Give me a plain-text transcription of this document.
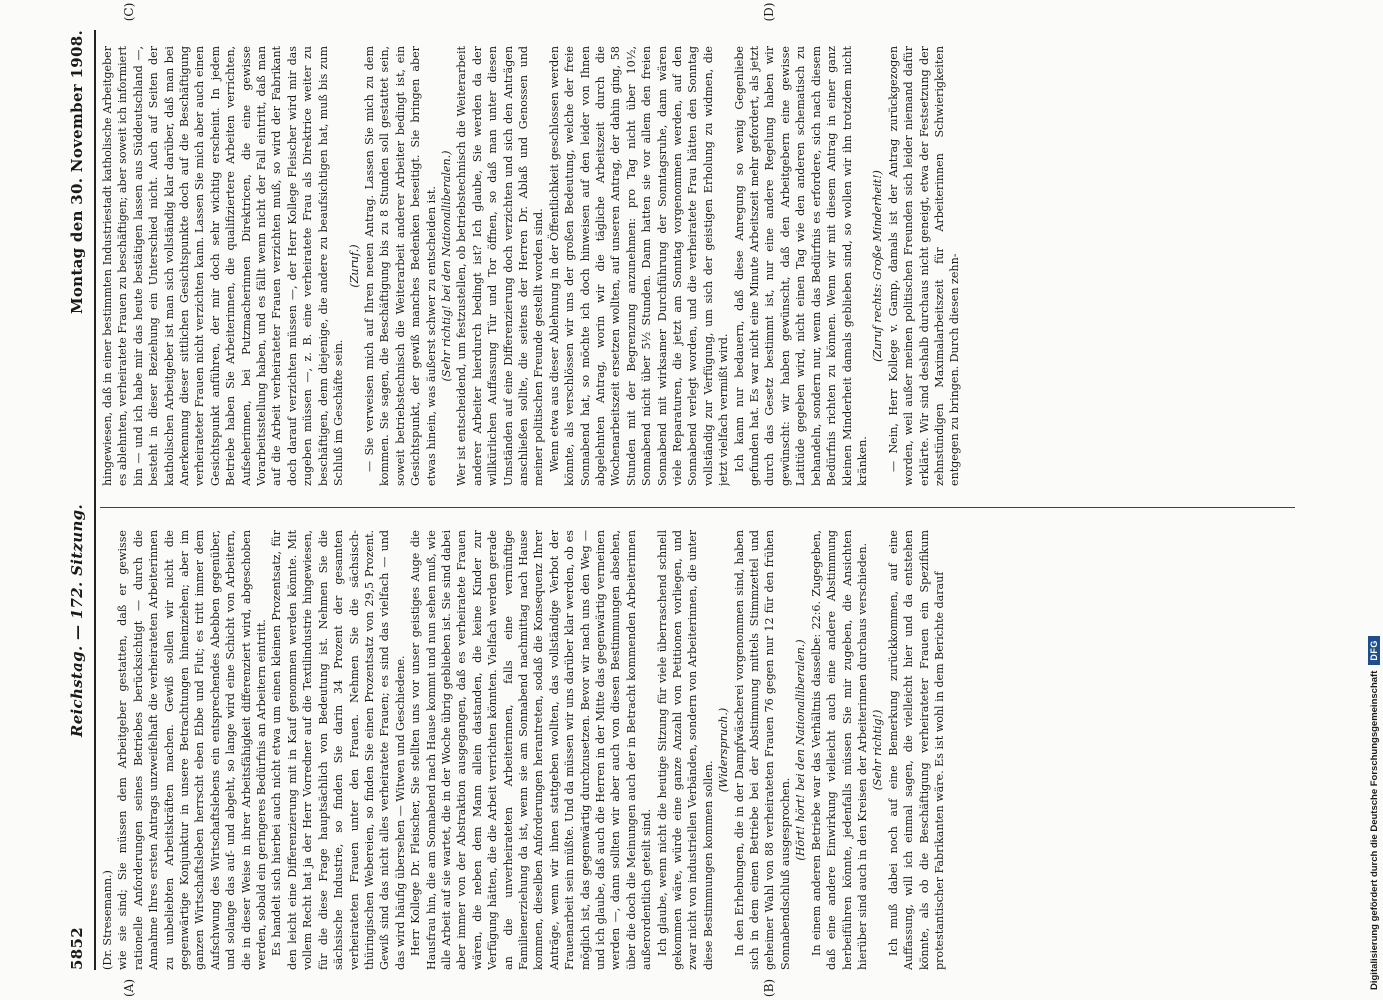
5852
Reichstag. — 172. Sitzung.
Montag den 30. November 1908.
(A)	(B)
(C)	(D)

(Dr. Stresemann.) wie sie sind; Sie müssen dem Arbeitgeber gestatten, daß er gewisse rationelle Anforderungen seines Betriebes berücksichtigt — durch die Annahme Ihres ersten Antrags unzweifelhaft die verheirateten Arbeiterinnen zu unbeliebten Arbeitskräften machen. Gewiß sollen wir nicht die gegenwärtige Konjunktur in unsere Betrachtungen hineinziehen; aber im ganzen Wirtschaftsleben herrscht eben Ebbe und Flut; es tritt immer dem Aufschwung des Wirtschaftslebens ein entsprechendes Abebben gegenüber, und solange das auf- und abgeht, so lange wird eine Schicht von Arbeitern, die in dieser Weise in ihrer Arbeitsfähigkeit differenziert wird, abgeschoben werden, sobald ein geringeres Bedürfnis an Arbeitern eintritt. Es handelt sich hierbei auch nicht etwa um einen kleinen Prozentsatz, für den leicht eine Differenzierung mit in Kauf genommen werden könnte. Mit vollem Recht hat ja der Herr Vorredner auf die Textilindustrie hingewiesen, für die diese Frage hauptsächlich von Bedeutung ist. Nehmen Sie die sächsische Industrie, so finden Sie darin 34 Prozent der gesamten verheirateten Frauen unter den Frauen. Nehmen Sie die sächsisch-thüringischen Webereien, so finden Sie einen Prozentsatz von 29,5 Prozent. Gewiß sind das nicht alles verheiratete Frauen; es sind das vielfach — und das wird häufig übersehen — Witwen und Geschiedene. Herr Kollege Dr. Fleischer, Sie stellten uns vor unser geistiges Auge die Hausfrau hin, die am Sonnabend nach Hause kommt und nun sehen muß, wie alle Arbeit auf sie wartet, die in der Woche übrig geblieben ist. Sie sind dabei aber immer von der Abstraktion ausgegangen, daß es verheiratete Frauen wären, die neben dem Mann allein dastanden, die keine Kinder zur Verfügung hätten, die die Arbeit verrichten könnten. Vielfach werden gerade an die unverheirateten Arbeiterinnen, falls eine vernünftige Familienerziehung da ist, wenn sie am Sonnabend nachmittag nach Hause kommen, dieselben Anforderungen herantreten, sodaß die Konsequenz Ihrer Anträge, wenn wir ihnen stattgeben wollten, das vollständige Verbot der Frauenarbeit sein müßte. Und da müssen wir uns darüber klar werden, ob es möglich ist, das gegenwärtig durchzusetzen. Bevor wir nach uns den Weg — und ich glaube, daß auch die Herren in der Mitte das gegenwärtig vermeinen werden —, dann sollten wir aber auch von diesen Bestimmungen absehen, über die doch die Meinungen auch der in Betracht kommenden Arbeiterinnen außerordentlich geteilt sind. Ich glaube, wenn nicht die heutige Sitzung für viele überraschend schnell gekommen wäre, würde eine ganze Anzahl von Petitionen vorliegen, und zwar nicht von industriellen Verbänden, sondern von Arbeiterinnen, die unter diese Bestimmungen kommen sollen.

(Widerspruch.) In den Erhebungen, die in der Dampfwäscherei vorgenommen sind, haben sich in dem einen Betriebe bei der Abstimmung mittels Stimmzettel und geheimer Wahl von 88 verheirateten Frauen 76 gegen nur 12 für den frühen Sonnabendschluß ausgesprochen.

(Hört! hört! bei den Nationalliberalen.) In einem anderen Betriebe war das Verhältnis dasselbe: 22:6. Zugegeben, daß eine andere Einwirkung vielleicht auch eine andere Abstimmung herbeiführen könnte, jedenfalls müssen Sie mir zugeben, die Ansichten hierüber sind auch in den Kreisen der Arbeiterinnen durchaus verschieden. (Sehr richtig!) Ich muß dabei noch auf eine Bemerkung zurückkommen, auf eine Auffassung, will ich einmal sagen, die vielleicht hier und da entstehen könnte, als ob die Beschäftigung verheirateter Frauen ein Spezifikum protestantischer Fabrikanten wäre. Es ist wohl in dem Berichte darauf

hingewiesen, daß in einer bestimmten Industriestadt katholische Arbeitgeber es ablehnten, verheiratete Frauen zu beschäftigen; aber soweit ich informiert bin — und ich habe mir das heute bestätigen lassen aus Süddeutschland —, besteht in dieser Beziehung ein Unterschied nicht. Auch auf Seiten der katholischen Arbeitgeber ist man sich vollständig klar darüber, daß man bei Anerkennung dieser sittlichen Gesichtspunkte doch auf die Beschäftigung verheirateter Frauen nicht verzichten kann. Lassen Sie mich aber auch einen Gesichtspunkt anführen, der mir doch sehr wichtig erscheint. In jedem Betriebe haben Sie Arbeiterinnen, die qualifiziertere Arbeiten verrichten, Aufseherinnen, bei Putzmacherinnen Direktricen, die eine gewisse Vorarbeitsstellung haben, und es fällt wenn nicht der Fall eintritt, daß man auf die Arbeit verheirateter Frauen verzichten muß, so wird der Fabrikant doch darauf verzichten müssen —, der Herr Kollege Fleischer wird mir das zugeben müssen —, z. B. eine verheiratete Frau als Direktrice weiter zu beschäftigen, denn diejenige, die andere zu beaufsichtigen hat, muß bis zum Schluß im Geschäfte sein.

(Zuruf.) — Sie verweisen mich auf Ihren neuen Antrag. Lassen Sie mich zu dem kommen. Sie sagen, die Beschäftigung bis zu 8 Stunden soll gestattet sein, soweit betriebstechnisch die Weiterarbeit anderer Arbeiter bedingt ist, ein Gesichtspunkt, der gewiß manches Bedenken beseitigt. Sie bringen aber etwas hinein, was äußerst schwer zu entscheiden ist. (Sehr richtig! bei den Nationalliberalen.) Wer ist entscheidend, um festzustellen, ob betriebstechnisch die Weiterarbeit anderer Arbeiter hierdurch bedingt ist? Ich glaube, Sie werden da der willkürlichen Auffassung Tür und Tor öffnen, so daß man unter diesen Umständen auf eine Differenzierung doch verzichten und sich den Anträgen anschließen sollte, die seitens der Herren Dr. Ablaß und Genossen und meiner politischen Freunde gestellt worden sind. Wenn etwa aus dieser Ablehnung in der Öffentlichkeit geschlossen werden könnte, als verschlössen wir uns der großen Bedeutung, welche der freie Sonnabend hat, so möchte ich doch hinweisen auf den leider von Ihnen abgelehnten Antrag, worin wir die tägliche Arbeitszeit durch die Wochenarbeitszeit ersetzen wollten, auf unseren Antrag, der dahin ging, 58 Stunden mit der Begrenzung anzunehmen: pro Tag nicht über 10½, Sonnabend nicht über 5½ Stunden. Dann hatten sie vor allem den freien Sonnabend mit wirksamer Durchführung der Sonntagsruhe, dann wären viele Reparaturen, die jetzt am Sonntag vorgenommen werden, auf den Sonnabend verlegt worden, und die verheiratete Frau hätten den Sonntag vollständig zur Verfügung, um sich der geistigen Erholung zu widmen, die jetzt vielfach vermißt wird. Ich kann nur bedauern, daß diese Anregung so wenig Gegenliebe gefunden hat. Es war nicht eine Minute Arbeitszeit mehr gefordert, als jetzt durch das Gesetz bestimmt ist, nur eine andere Regelung haben wir gewünscht: wir haben gewünscht, daß den Arbeitgebern eine gewisse Latitüde gegeben wird, nicht einen Tag wie den anderen schematisch zu behandeln, sondern nur, wenn das Bedürfnis es erfordere, sich nach diesem Bedürfnis richten zu können. Wenn wir mit diesem Antrag in einer ganz kleinen Minderheit damals geblieben sind, so wollen wir ihn trotzdem nicht kränken.

(Zuruf rechts: Große Minderheit!) — Nein, Herr Kollege v. Gamp, damals ist der Antrag zurückgezogen worden, weil außer meinen politischen Freunden sich leider niemand dafür erklärte. Wir sind deshalb durchaus nicht geneigt, etwa der Festsetzung der zehnstündigen Maximalarbeitszeit für Arbeiterinnen Schwierigkeiten entgegen zu bringen. Durch diesen zehn-

Digitalisierung gefördert durch die Deutsche Forschungsgemeinschaft
DFG
